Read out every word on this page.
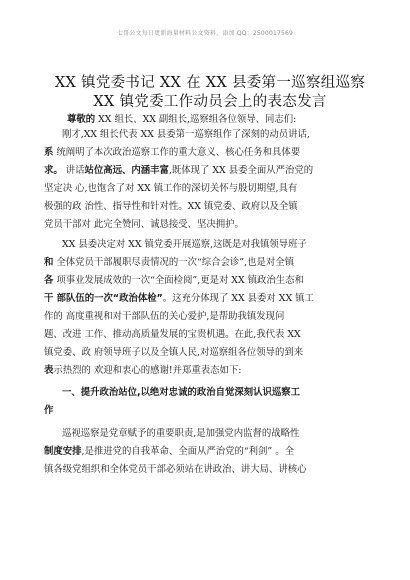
七哥公文每日更新海量材料公文资料，添加 QQ：2500017569
XX 镇党委书记 XX 在 XX 县委第一巡察组巡察
XX 镇党委工作动员会上的表态发言
尊敬的 XX 组长、XX 副组长,巡察组各位领导、同志们:
刚才,XX 组长代表 XX 县委第一巡察组作了深刻的动员讲话,
系 统阐明了本次政治巡察工作的重大意义、核心任务和具体要
求。 讲话站位高远、内涵丰富,既体现了 XX 县委全面从严治党的
坚定决 心,也饱含了对 XX 镇工作的深切关怀与殷切期望,具有
极强的政 治性、指导性和针对性。XX 镇党委、政府以及全镇
党员干部对 此完全赞同、诚恳接受、坚决拥护。
XX 县委决定对 XX 镇党委开展巡察,这既是对我镇领导班子
和 全体党员干部履职尽责情况的一次“综合会诊”,也是对全镇
各 项事业发展成效的一次“全面检阅”,更是对 XX 镇政治生态和
干 部队伍的一次“政治体检”。这充分体现了 XX 县委对 XX 镇工
作的 高度重视和对干部队伍的关心爱护,是帮助我镇发现问
题、改进 工作、推动高质量发展的宝贵机遇。在此,我代表 XX
镇党委、政 府领导班子以及全镇人民,对巡察组各位领导的到来
表示热烈的 欢迎和衷心的感谢!并郑重表态如下:
一、提升政治站位,以绝对忠诚的政治自觉深刻认识巡察工
作
巡视巡察是党章赋予的重要职责,是加强党内监督的战略性
制度安排,是推进党的自我革命、全面从严治党的“利剑” 。全
镇各级党组织和全体党员干部必须站在讲政治、讲大局、讲核心
